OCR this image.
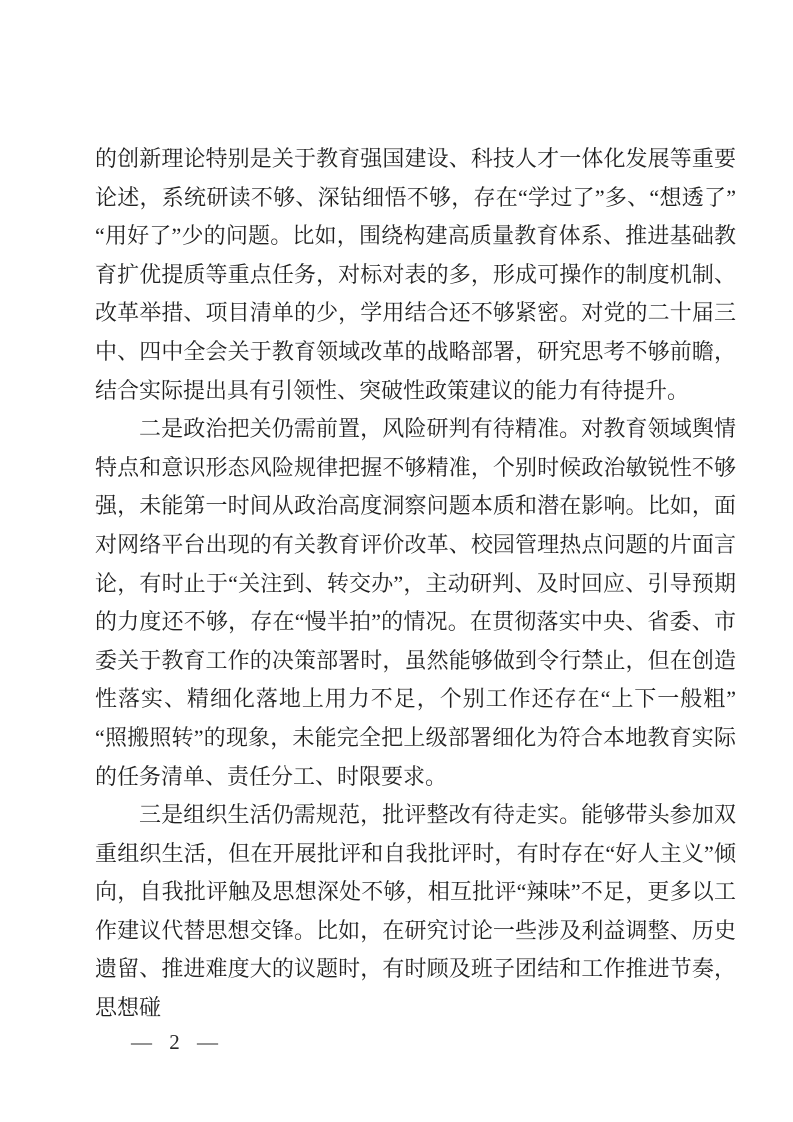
的创新理论特别是关于教育强国建设、科技人才一体化发展等重要论述，系统研读不够、深钻细悟不够，存在“学过了”多、“想透了”“用好了”少的问题。比如，围绕构建高质量教育体系、推进基础教育扩优提质等重点任务，对标对表的多，形成可操作的制度机制、改革举措、项目清单的少，学用结合还不够紧密。对党的二十届三中、四中全会关于教育领域改革的战略部署，研究思考不够前瞻，结合实际提出具有引领性、突破性政策建议的能力有待提升。

二是政治把关仍需前置，风险研判有待精准。对教育领域舆情特点和意识形态风险规律把握不够精准，个别时候政治敏锐性不够强，未能第一时间从政治高度洞察问题本质和潜在影响。比如，面对网络平台出现的有关教育评价改革、校园管理热点问题的片面言论，有时止于“关注到、转交办”，主动研判、及时回应、引导预期的力度还不够，存在“慢半拍”的情况。在贯彻落实中央、省委、市委关于教育工作的决策部署时，虽然能够做到令行禁止，但在创造性落实、精细化落地上用力不足，个别工作还存在“上下一般粗”“照搬照转”的现象，未能完全把上级部署细化为符合本地教育实际的任务清单、责任分工、时限要求。

三是组织生活仍需规范，批评整改有待走实。能够带头参加双重组织生活，但在开展批评和自我批评时，有时存在“好人主义”倾向，自我批评触及思想深处不够，相互批评“辣味”不足，更多以工作建议代替思想交锋。比如，在研究讨论一些涉及利益调整、历史遗留、推进难度大的议题时，有时顾及班子团结和工作推进节奏，思想碰

— 2 —
